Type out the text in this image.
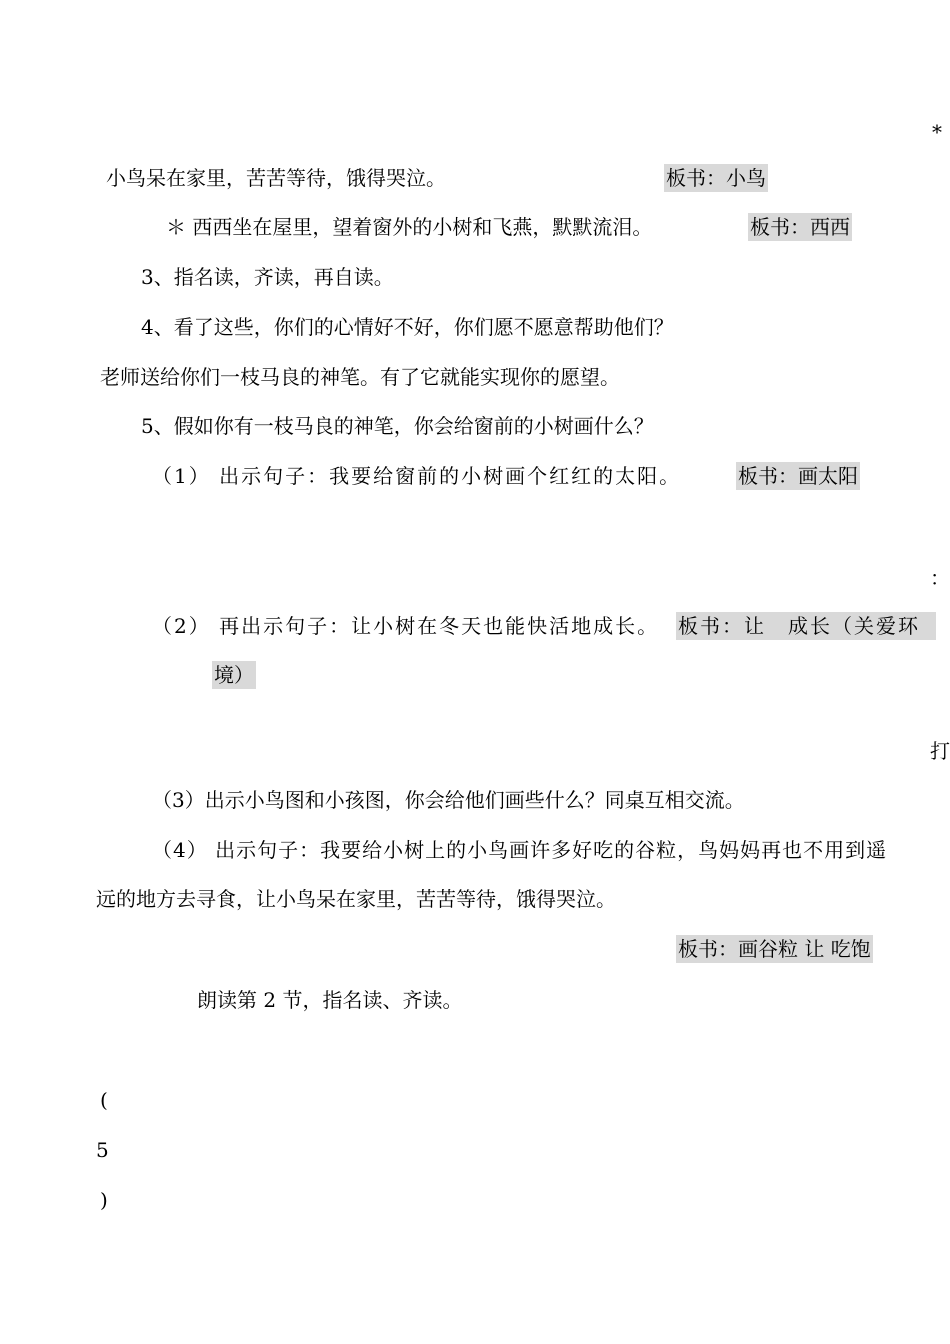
*
小鸟呆在家里，苦苦等待，饿得哭泣。	板书：小鸟
＊ 西西坐在屋里，望着窗外的小树和飞燕，默默流泪。	板书：西西
3、指名读，齐读，再自读。
4、看了这些，你们的心情好不好，你们愿不愿意帮助他们？
老师送给你们一枝马良的神笔。有了它就能实现你的愿望。
5、假如你有一枝马良的神笔，你会给窗前的小树画什么？
（1） 出示句子：我要给窗前的小树画个红红的太阳。	板书：画太阳
：
（2） 再出示句子：让小树在冬天也能快活地成长。 板书：让　成长（关爱环
境）
打
（3）出示小鸟图和小孩图，你会给他们画些什么？同桌互相交流。
（4） 出示句子：我要给小树上的小鸟画许多好吃的谷粒，鸟妈妈再也不用到遥
远的地方去寻食，让小鸟呆在家里，苦苦等待，饿得哭泣。
板书：画谷粒 让 吃饱
朗读第 2 节，指名读、齐读。
(
5
)
